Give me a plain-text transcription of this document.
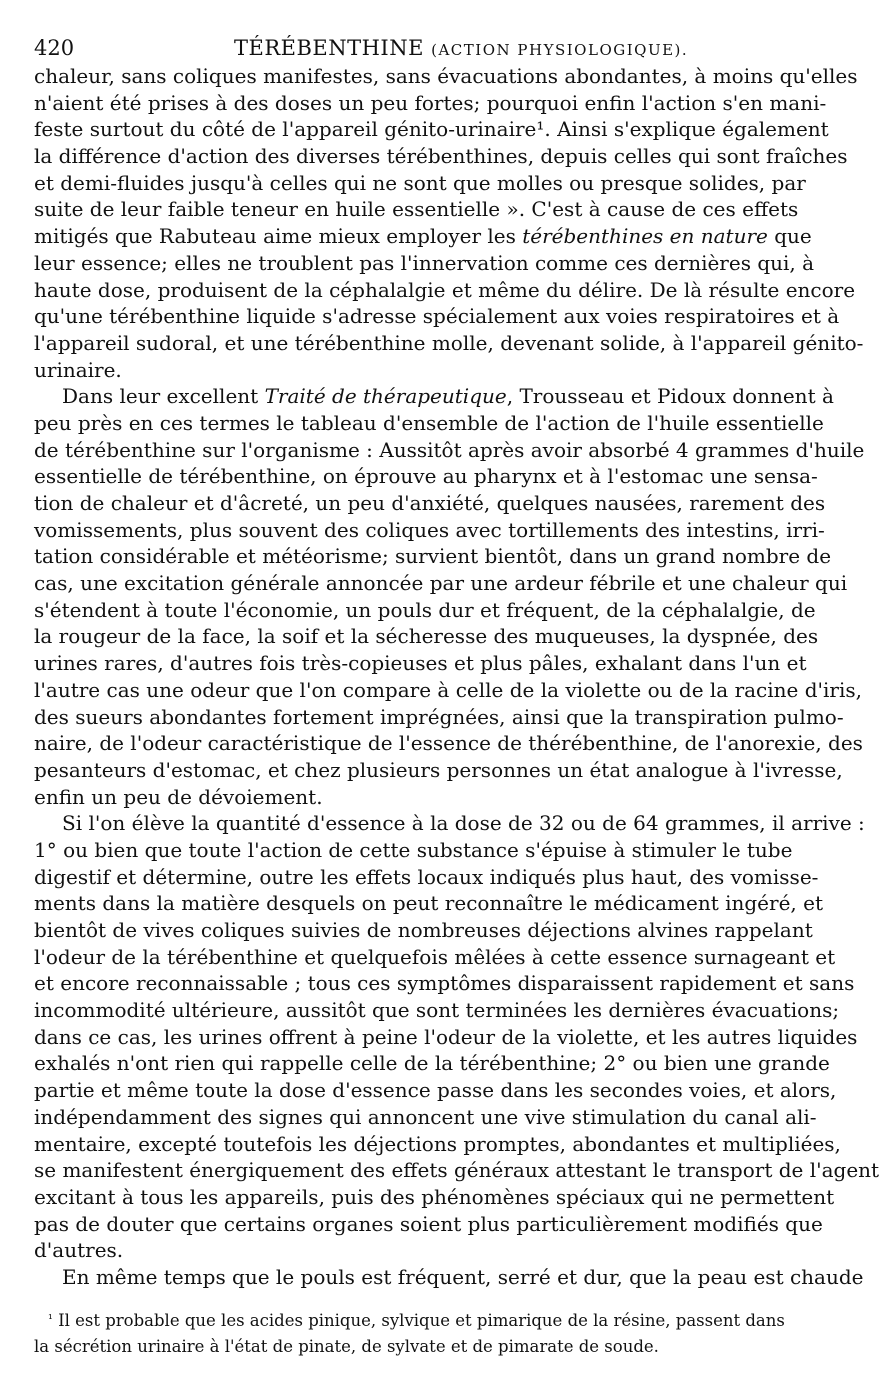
420	TÉRÉBENTHINE (ACTION PHYSIOLOGIQUE).
chaleur, sans coliques manifestes, sans évacuations abondantes, à moins qu'elles
n'aient été prises à des doses un peu fortes; pourquoi enfin l'action s'en mani-
feste surtout du côté de l'appareil génito-urinaire¹. Ainsi s'explique également
la différence d'action des diverses térébenthines, depuis celles qui sont fraîches
et demi-fluides jusqu'à celles qui ne sont que molles ou presque solides, par
suite de leur faible teneur en huile essentielle ». C'est à cause de ces effets
mitigés que Rabuteau aime mieux employer les térébenthines en nature que
leur essence; elles ne troublent pas l'innervation comme ces dernières qui, à
haute dose, produisent de la céphalalgie et même du délire. De là résulte encore
qu'une térébenthine liquide s'adresse spécialement aux voies respiratoires et à
l'appareil sudoral, et une térébenthine molle, devenant solide, à l'appareil génito-
urinaire.
Dans leur excellent Traité de thérapeutique, Trousseau et Pidoux donnent à
peu près en ces termes le tableau d'ensemble de l'action de l'huile essentielle
de térébenthine sur l'organisme : Aussitôt après avoir absorbé 4 grammes d'huile
essentielle de térébenthine, on éprouve au pharynx et à l'estomac une sensa-
tion de chaleur et d'âcreté, un peu d'anxiété, quelques nausées, rarement des
vomissements, plus souvent des coliques avec tortillements des intestins, irri-
tation considérable et météorisme; survient bientôt, dans un grand nombre de
cas, une excitation générale annoncée par une ardeur fébrile et une chaleur qui
s'étendent à toute l'économie, un pouls dur et fréquent, de la céphalalgie, de
la rougeur de la face, la soif et la sécheresse des muqueuses, la dyspnée, des
urines rares, d'autres fois très-copieuses et plus pâles, exhalant dans l'un et
l'autre cas une odeur que l'on compare à celle de la violette ou de la racine d'iris,
des sueurs abondantes fortement imprégnées, ainsi que la transpiration pulmo-
naire, de l'odeur caractéristique de l'essence de thérébenthine, de l'anorexie, des
pesanteurs d'estomac, et chez plusieurs personnes un état analogue à l'ivresse,
enfin un peu de dévoiement.
Si l'on élève la quantité d'essence à la dose de 32 ou de 64 grammes, il arrive :
1° ou bien que toute l'action de cette substance s'épuise à stimuler le tube
digestif et détermine, outre les effets locaux indiqués plus haut, des vomisse-
ments dans la matière desquels on peut reconnaître le médicament ingéré, et
bientôt de vives coliques suivies de nombreuses déjections alvines rappelant
l'odeur de la térébenthine et quelquefois mêlées à cette essence surnageant et
et encore reconnaissable ; tous ces symptômes disparaissent rapidement et sans
incommodité ultérieure, aussitôt que sont terminées les dernières évacuations;
dans ce cas, les urines offrent à peine l'odeur de la violette, et les autres liquides
exhalés n'ont rien qui rappelle celle de la térébenthine; 2° ou bien une grande
partie et même toute la dose d'essence passe dans les secondes voies, et alors,
indépendamment des signes qui annoncent une vive stimulation du canal ali-
mentaire, excepté toutefois les déjections promptes, abondantes et multipliées,
se manifestent énergiquement des effets généraux attestant le transport de l'agent
excitant à tous les appareils, puis des phénomènes spéciaux qui ne permettent
pas de douter que certains organes soient plus particulièrement modifiés que
d'autres.
En même temps que le pouls est fréquent, serré et dur, que la peau est chaude
$^{^1}$ Il est probable que les acides pinique, sylvique et pimarique de la résine, passent dans
la sécrétion urinaire à l'état de pinate, de sylvate et de pimarate de soude.
